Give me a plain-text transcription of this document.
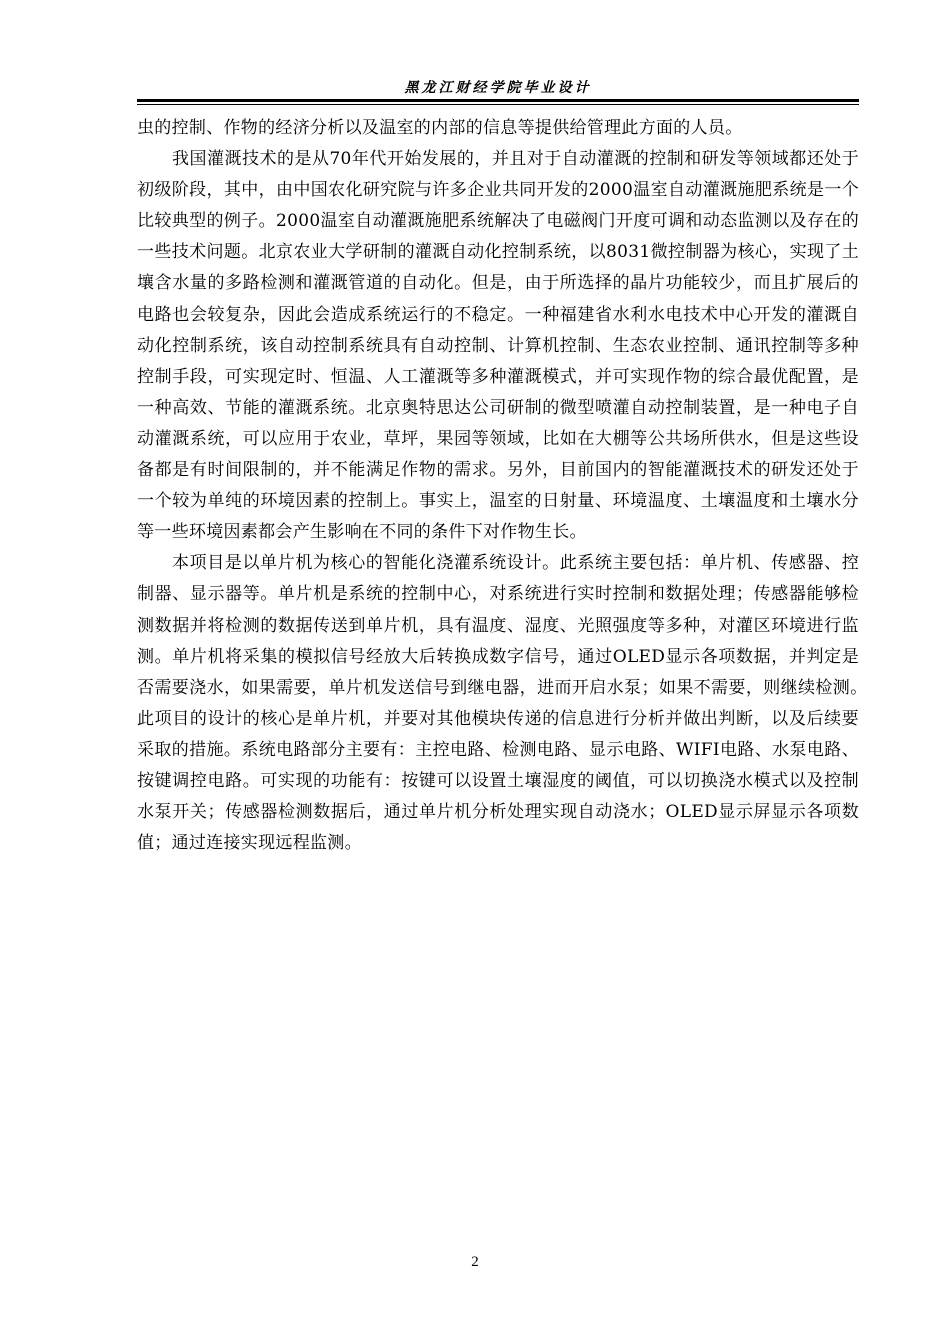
黑龙江财经学院毕业设计

虫的控制、作物的经济分析以及温室的内部的信息等提供给管理此方面的人员。

我国灌溉技术的是从70年代开始发展的，并且对于自动灌溉的控制和研发等领域都还处于初级阶段，其中，由中国农化研究院与许多企业共同开发的2000温室自动灌溉施肥系统是一个比较典型的例子。2000温室自动灌溉施肥系统解决了电磁阀门开度可调和动态监测以及存在的一些技术问题。北京农业大学研制的灌溉自动化控制系统，以8031微控制器为核心，实现了土壤含水量的多路检测和灌溉管道的自动化。但是，由于所选择的晶片功能较少，而且扩展后的电路也会较复杂，因此会造成系统运行的不稳定。一种福建省水利水电技术中心开发的灌溉自动化控制系统，该自动控制系统具有自动控制、计算机控制、生态农业控制、通讯控制等多种控制手段，可实现定时、恒温、人工灌溉等多种灌溉模式，并可实现作物的综合最优配置，是一种高效、节能的灌溉系统。北京奥特思达公司研制的微型喷灌自动控制装置，是一种电子自动灌溉系统，可以应用于农业，草坪，果园等领域，比如在大棚等公共场所供水，但是这些设备都是有时间限制的，并不能满足作物的需求。另外，目前国内的智能灌溉技术的研发还处于一个较为单纯的环境因素的控制上。事实上，温室的日射量、环境温度、土壤温度和土壤水分等一些环境因素都会产生影响在不同的条件下对作物生长。

本项目是以单片机为核心的智能化浇灌系统设计。此系统主要包括：单片机、传感器、控制器、显示器等。单片机是系统的控制中心，对系统进行实时控制和数据处理；传感器能够检测数据并将检测的数据传送到单片机，具有温度、湿度、光照强度等多种，对灌区环境进行监测。单片机将采集的模拟信号经放大后转换成数字信号，通过OLED显示各项数据，并判定是否需要浇水，如果需要，单片机发送信号到继电器，进而开启水泵；如果不需要，则继续检测。　此项目的设计的核心是单片机，并要对其他模块传递的信息进行分析并做出判断，以及后续要采取的措施。系统电路部分主要有：主控电路、检测电路、显示电路、WIFI电路、水泵电路、按键调控电路。可实现的功能有：按键可以设置土壤湿度的阈值，可以切换浇水模式以及控制水泵开关；传感器检测数据后，通过单片机分析处理实现自动浇水；OLED显示屏显示各项数值；通过连接实现远程监测。

2
